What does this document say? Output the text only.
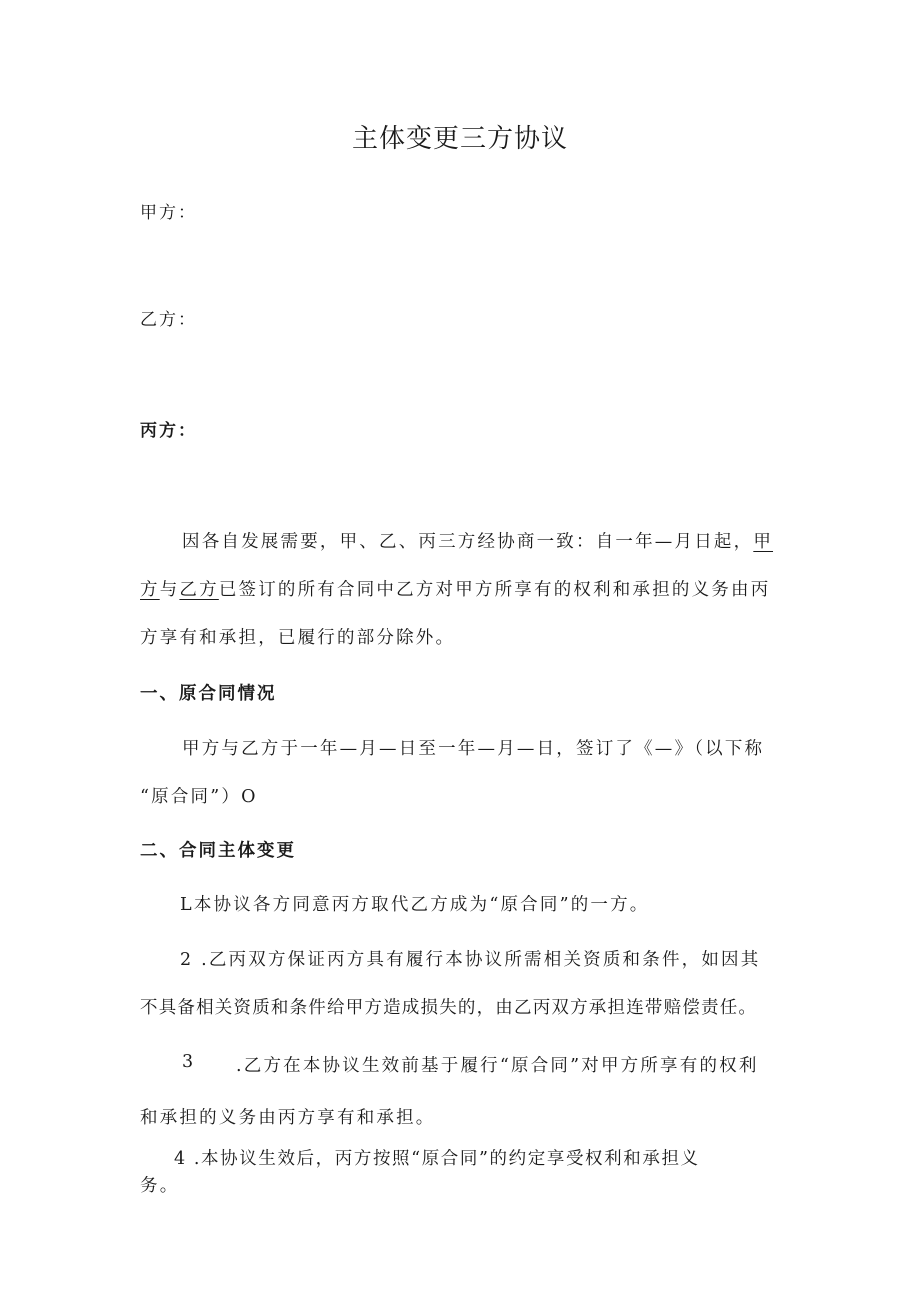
主体变更三方协议
甲方：
乙方：
丙方：
因各自发展需要，甲、乙、丙三方经协商一致：自一年—月日起，甲
方与乙方已签订的所有合同中乙方对甲方所享有的权利和承担的义务由丙
方享有和承担，已履行的部分除外。
一、原合同情况
甲方与乙方于一年—月—日至一年—月—日，签订了《—》（以下称
“原合同”）O
二、合同主体变更
L本协议各方同意丙方取代乙方成为“原合同”的一方。
2 .乙丙双方保证丙方具有履行本协议所需相关资质和条件，如因其
不具备相关资质和条件给甲方造成损失的，由乙丙双方承担连带赔偿责任。
3 .乙方在本协议生效前基于履行“原合同”对甲方所享有的权利
和承担的义务由丙方享有和承担。
4 .本协议生效后，丙方按照“原合同”的约定享受权利和承担义
务。
